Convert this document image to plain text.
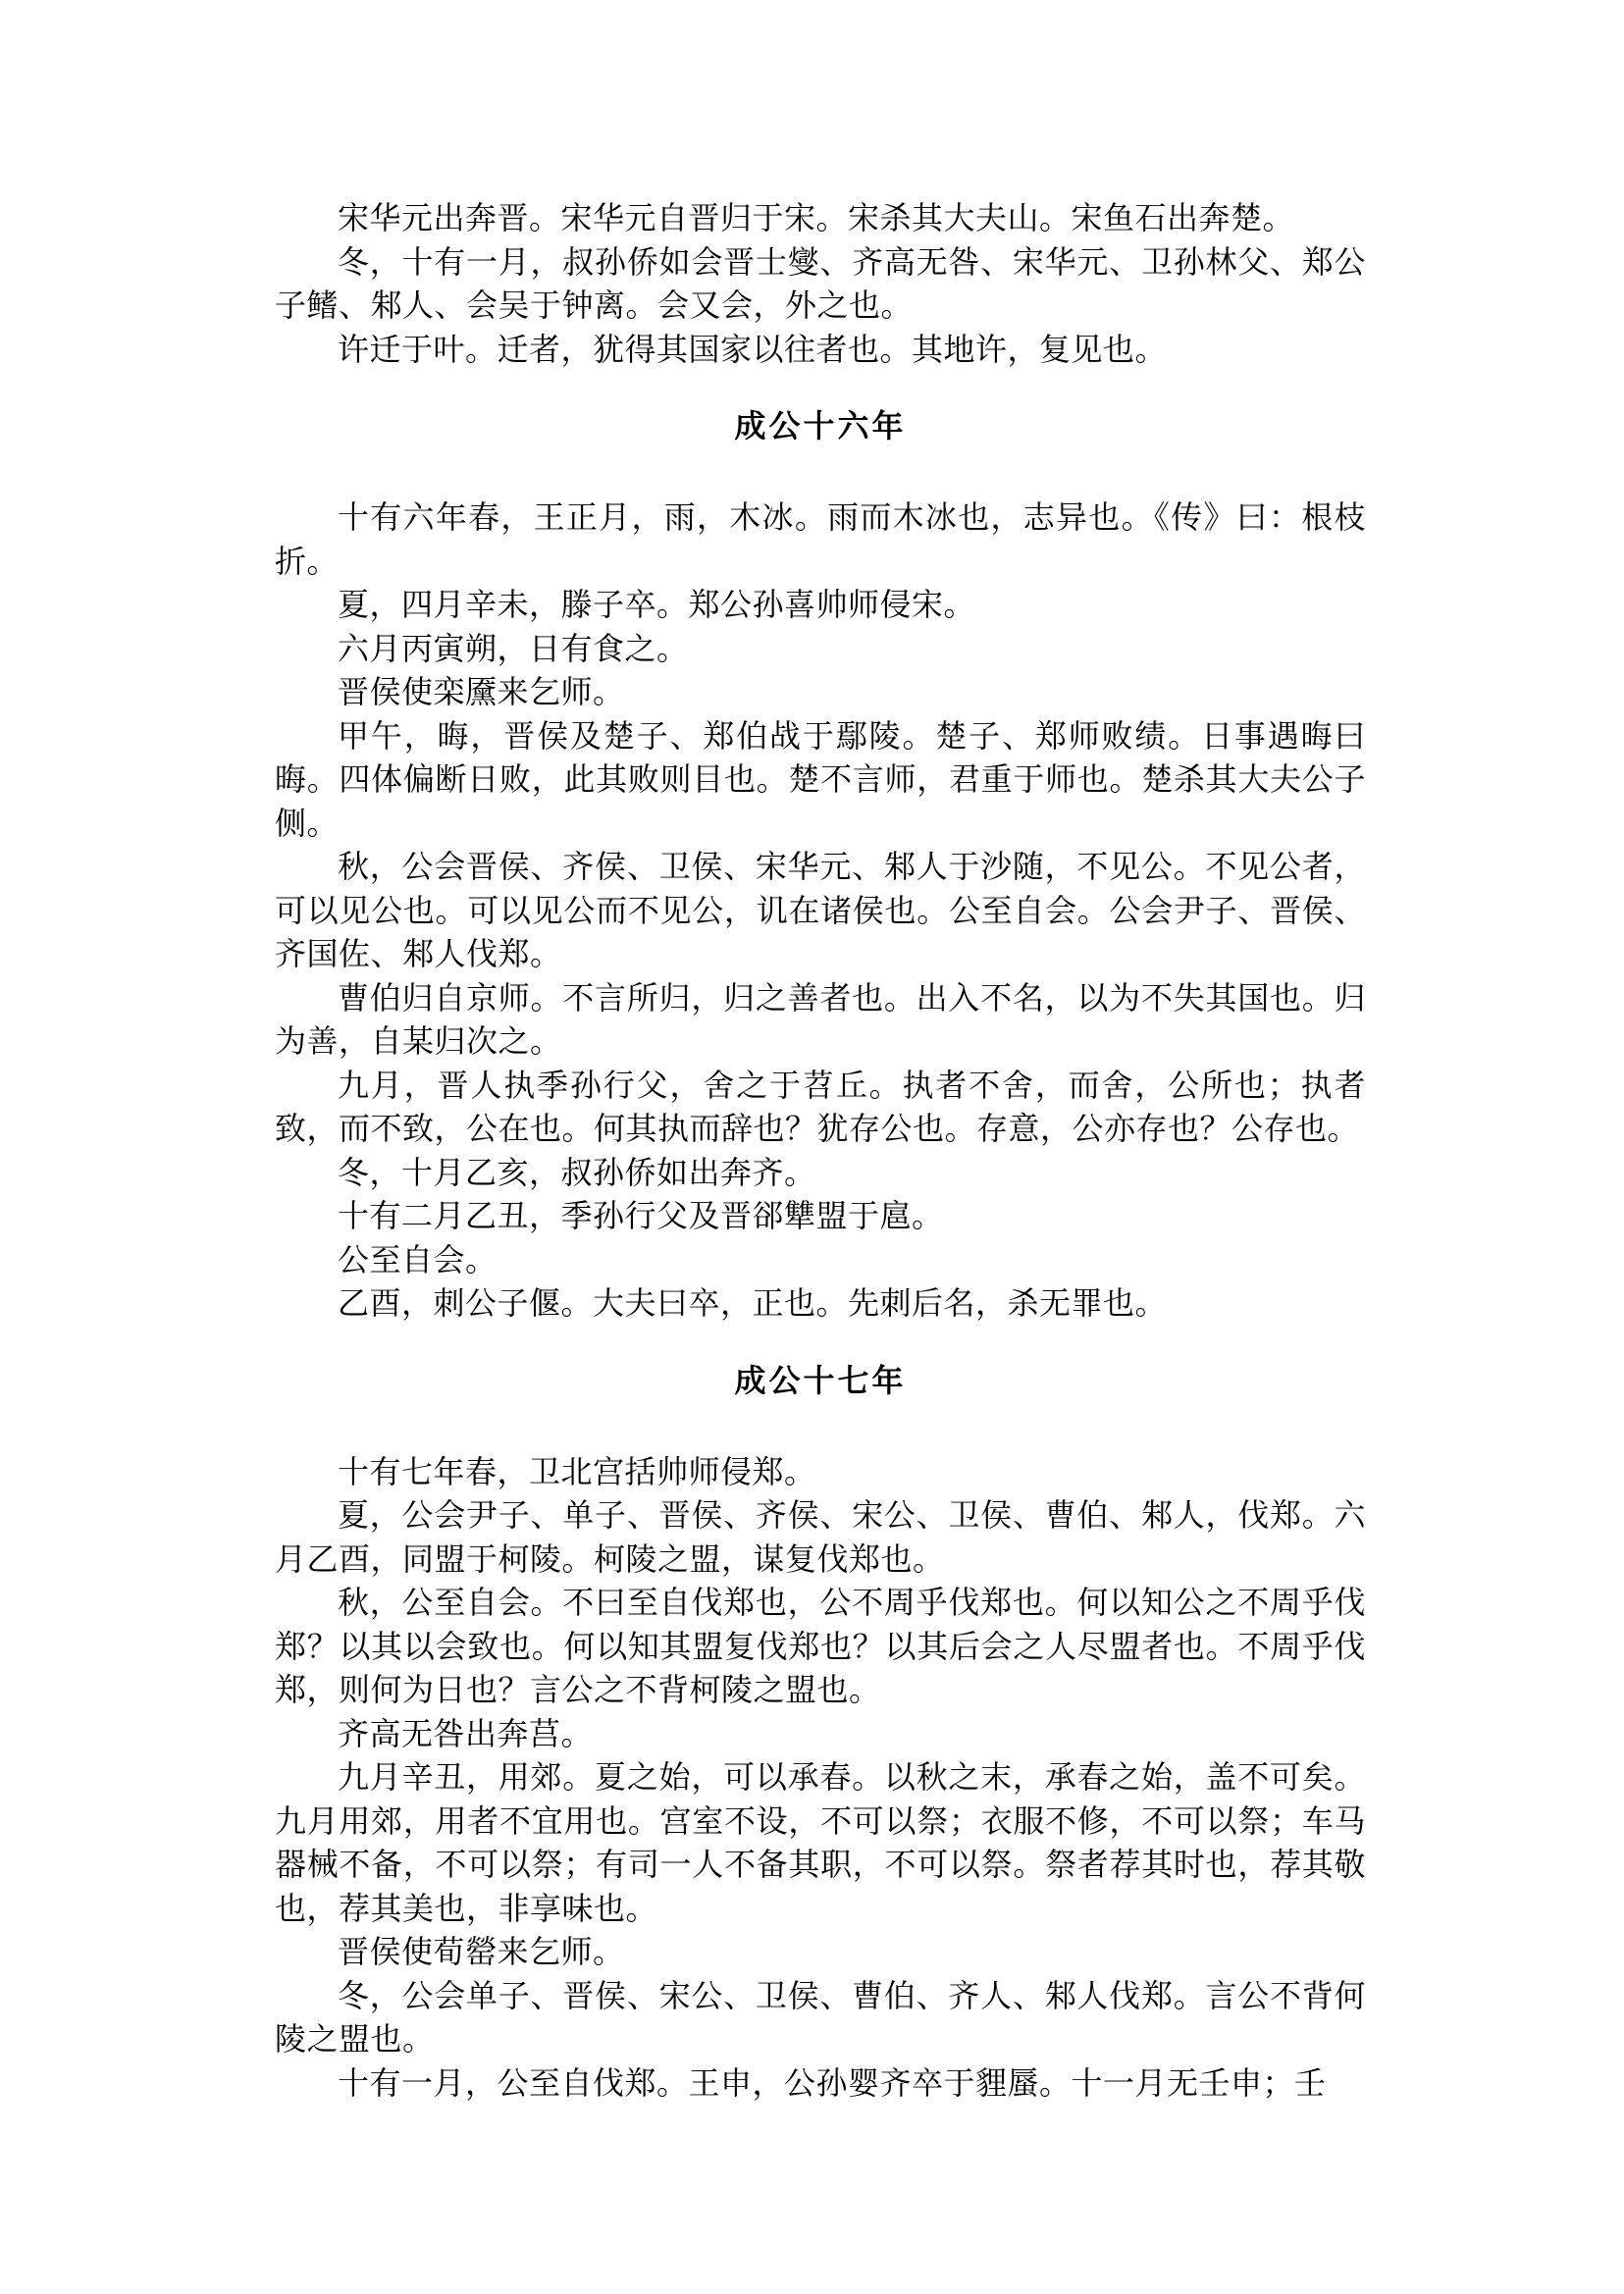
宋华元出奔晋。宋华元自晋归于宋。宋杀其大夫山。宋鱼石出奔楚。

冬，十有一月，叔孙侨如会晋士燮、齐高无咎、宋华元、卫孙林父、郑公子鳍、邾人、会吴于钟离。会又会，外之也。

许迁于叶。迁者，犹得其国家以往者也。其地许，复见也。

成公十六年

十有六年春，王正月，雨，木冰。雨而木冰也，志异也。《传》曰：根枝折。

夏，四月辛未，滕子卒。郑公孙喜帅师侵宋。

六月丙寅朔，日有食之。

晋侯使栾黡来乞师。

甲午，晦，晋侯及楚子、郑伯战于鄢陵。楚子、郑师败绩。日事遇晦曰晦。四体偏断日败，此其败则目也。楚不言师，君重于师也。楚杀其大夫公子侧。

秋，公会晋侯、齐侯、卫侯、宋华元、邾人于沙随，不见公。不见公者，可以见公也。可以见公而不见公，讥在诸侯也。公至自会。公会尹子、晋侯、齐国佐、邾人伐郑。

曹伯归自京师。不言所归，归之善者也。出入不名，以为不失其国也。归为善，自某归次之。

九月，晋人执季孙行父，舍之于苕丘。执者不舍，而舍，公所也；执者致，而不致，公在也。何其执而辞也？犹存公也。存意，公亦存也？公存也。

冬，十月乙亥，叔孙侨如出奔齐。

十有二月乙丑，季孙行父及晋郤犨盟于扈。

公至自会。

乙酉，刺公子偃。大夫曰卒，正也。先刺后名，杀无罪也。

成公十七年

十有七年春，卫北宫括帅师侵郑。

夏，公会尹子、单子、晋侯、齐侯、宋公、卫侯、曹伯、邾人，伐郑。六月乙酉，同盟于柯陵。柯陵之盟，谋复伐郑也。

秋，公至自会。不曰至自伐郑也，公不周乎伐郑也。何以知公之不周乎伐郑？以其以会致也。何以知其盟复伐郑也？以其后会之人尽盟者也。不周乎伐郑，则何为日也？言公之不背柯陵之盟也。

齐高无咎出奔莒。

九月辛丑，用郊。夏之始，可以承春。以秋之末，承春之始，盖不可矣。九月用郊，用者不宜用也。宫室不设，不可以祭；衣服不修，不可以祭；车马器械不备，不可以祭；有司一人不备其职，不可以祭。祭者荐其时也，荐其敬也，荐其美也，非享味也。

晋侯使荀罃来乞师。

冬，公会单子、晋侯、宋公、卫侯、曹伯、齐人、邾人伐郑。言公不背何陵之盟也。

十有一月，公至自伐郑。王申，公孙婴齐卒于貍蜃。十一月无壬申；壬
